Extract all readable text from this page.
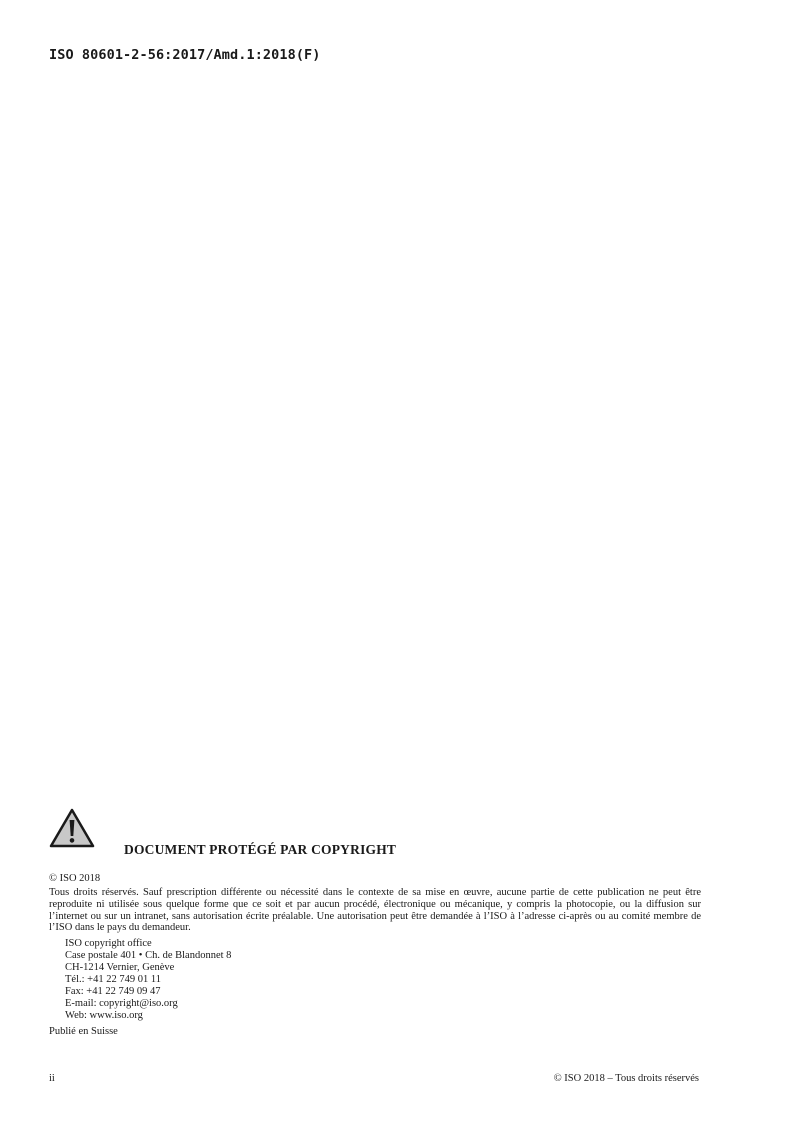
ISO 80601-2-56:2017/Amd.1:2018(F)
DOCUMENT PROTÉGÉ PAR COPYRIGHT
© ISO 2018
Tous droits réservés. Sauf prescription différente ou nécessité dans le contexte de sa mise en œuvre, aucune partie de cette publication ne peut être reproduite ni utilisée sous quelque forme que ce soit et par aucun procédé, électronique ou mécanique, y compris la photocopie, ou la diffusion sur l’internet ou sur un intranet, sans autorisation écrite préalable. Une autorisation peut être demandée à l’ISO à l’adresse ci-après ou au comité membre de l’ISO dans le pays du demandeur.
ISO copyright office
Case postale 401 • Ch. de Blandonnet 8
CH-1214 Vernier, Genève
Tél.: +41 22 749 01 11
Fax: +41 22 749 09 47
E-mail: copyright@iso.org
Web: www.iso.org
Publié en Suisse
ii	© ISO 2018 – Tous droits réservés
